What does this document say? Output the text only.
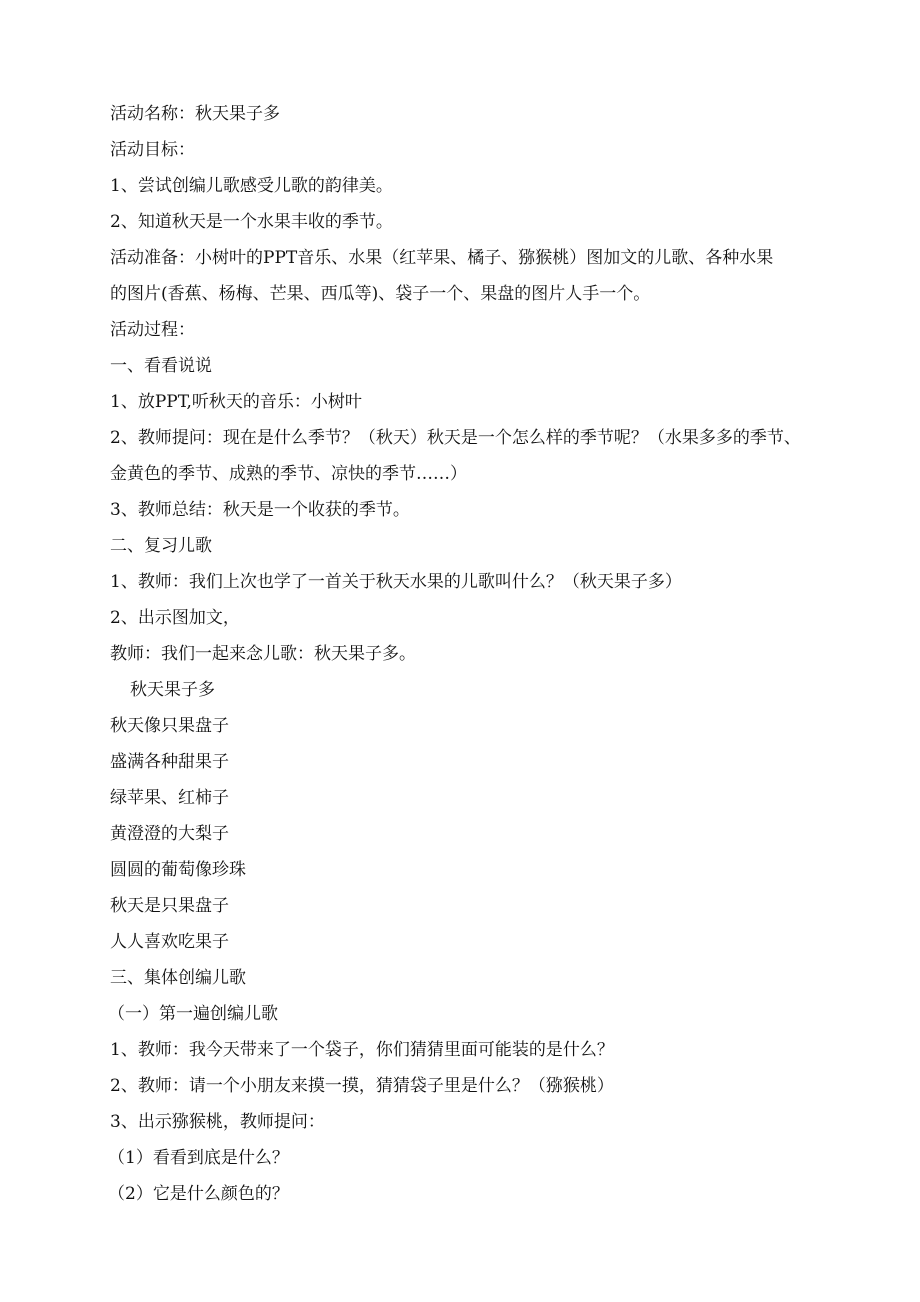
活动名称：秋天果子多
活动目标：
1、尝试创编儿歌感受儿歌的韵律美。
2、知道秋天是一个水果丰收的季节。
活动准备：小树叶的PPT音乐、水果（红苹果、橘子、猕猴桃）图加文的儿歌、各种水果
的图片(香蕉、杨梅、芒果、西瓜等)、袋子一个、果盘的图片人手一个。
活动过程：
一、看看说说
1、放PPT,听秋天的音乐：小树叶
2、教师提问：现在是什么季节？（秋天）秋天是一个怎么样的季节呢？（水果多多的季节、
金黄色的季节、成熟的季节、凉快的季节……）
3、教师总结：秋天是一个收获的季节。
二、复习儿歌
1、教师：我们上次也学了一首关于秋天水果的儿歌叫什么？（秋天果子多）
2、出示图加文，
教师：我们一起来念儿歌：秋天果子多。
秋天果子多
秋天像只果盘子
盛满各种甜果子
绿苹果、红柿子
黄澄澄的大梨子
圆圆的葡萄像珍珠
秋天是只果盘子
人人喜欢吃果子
三、集体创编儿歌
（一）第一遍创编儿歌
1、教师：我今天带来了一个袋子，你们猜猜里面可能装的是什么？
2、教师：请一个小朋友来摸一摸，猜猜袋子里是什么？（猕猴桃）
3、出示猕猴桃，教师提问：
（1）看看到底是什么？
（2）它是什么颜色的？
